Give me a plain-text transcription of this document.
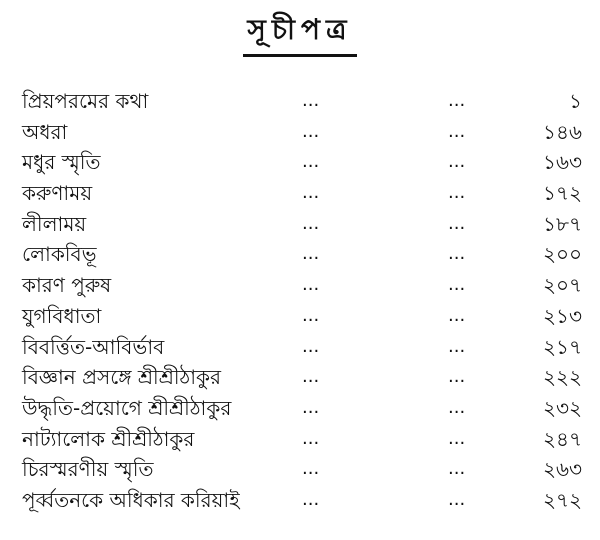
সূচীপত্র
প্রিয়পরমের কথা	...	...	১
অধরা	...	...	১৪৬
মধুর স্মৃতি	...	...	১৬৩
করুণাময়	...	...	১৭২
লীলাময়	...	...	১৮৭
লোকবিভূ	...	...	২০০
কারণ পুরুষ	...	...	২০৭
যুগবিধাতা	...	...	২১৩
বিবর্ত্তিত-আবির্ভাব	...	...	২১৭
বিজ্ঞান প্রসঙ্গে শ্রীশ্রীঠাকুর	...	...	২২২
উদ্ধৃতি-প্রয়োগে শ্রীশ্রীঠাকুর	...	...	২৩২
নাট্যালোক শ্রীশ্রীঠাকুর	...	...	২৪৭
চিরস্মরণীয় স্মৃতি	...	...	২৬৩
পূর্ব্বতনকে অধিকার করিয়াই	...	...	২৭২
